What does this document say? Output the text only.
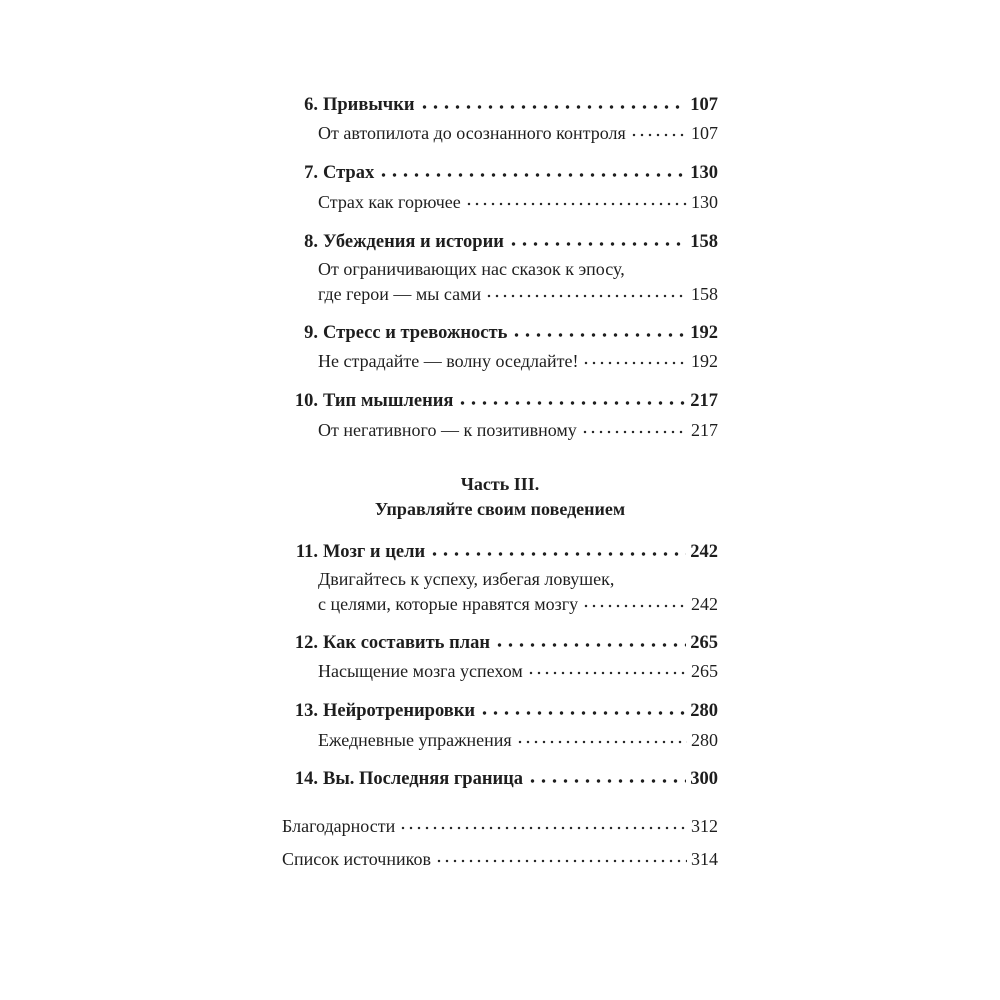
6. Привычки	107
От автопилота до осознанного контроля	107
7. Страх	130
Страх как горючее	130
8. Убеждения и истории	158
От ограничивающих нас сказок к эпосу,
где герои — мы сами	158
9. Стресс и тревожность	192
Не страдайте — волну оседлайте!	192
10. Тип мышления	217
От негативного — к позитивному	217
Часть III.
Управляйте своим поведением
11. Мозг и цели	242
Двигайтесь к успеху, избегая ловушек,
с целями, которые нравятся мозгу	242
12. Как составить план	265
Насыщение мозга успехом	265
13. Нейротренировки	280
Ежедневные упражнения	280
14. Вы. Последняя граница	300
Благодарности	312
Список источников	314
